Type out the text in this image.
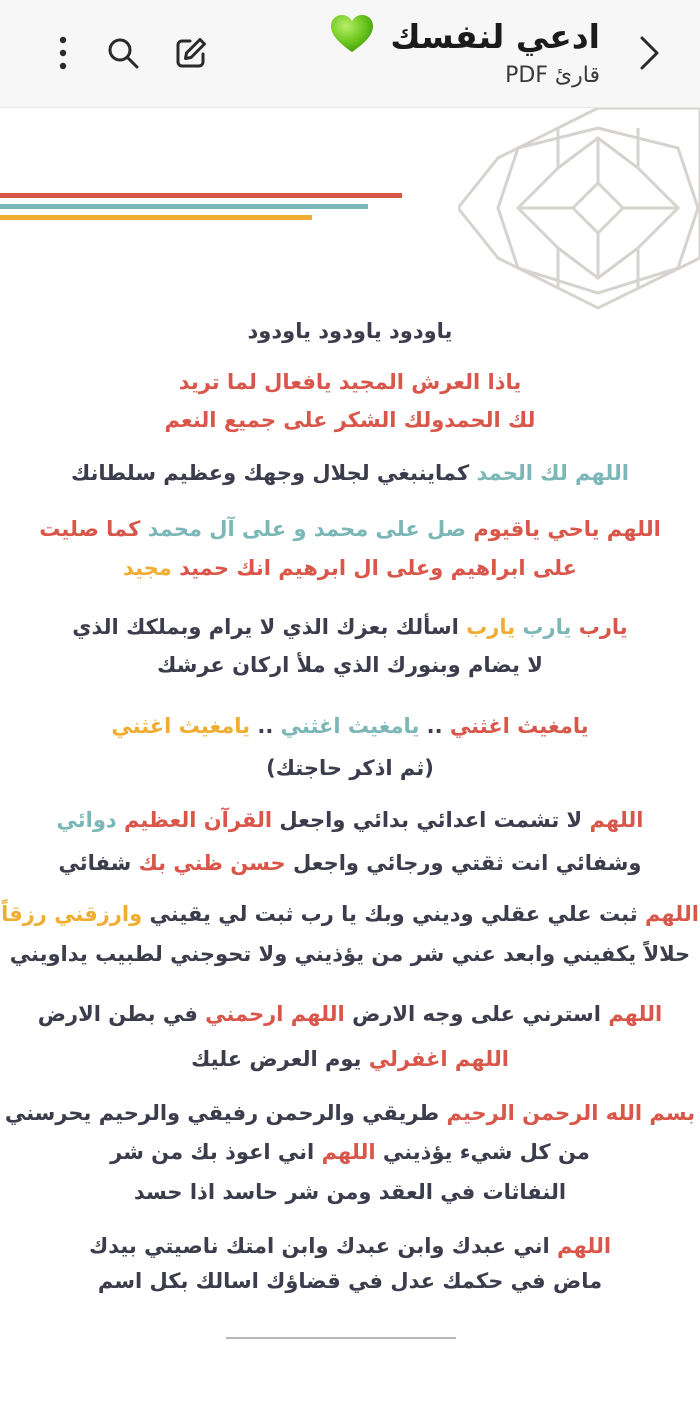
ادعي لنفسك
قارئ PDF
ياودود ياودود ياودود
ياذا العرش المجيد يافعال لما تريد
لك الحمدولك الشكر على جميع النعم
اللهم لك الحمد كماينبغي لجلال وجهك وعظيم سلطانك
اللهم ياحي ياقيوم صل على محمد و على آل محمد كما صليت
على ابراهيم وعلى ال ابرهيم انك حميد مجيد
يارب يارب يارب اسألك بعزك الذي لا يرام وبملكك الذي
لا يضام وبنورك الذي ملأ اركان عرشك
يامغيث اغثني .. يامغيث اغثني .. يامغيث اغثني
(ثم اذكر حاجتك)
اللهم لا تشمت اعدائي بدائي واجعل القرآن العظيم دوائي
وشفائي انت ثقتي ورجائي واجعل حسن ظني بك شفائي
اللهم ثبت علي عقلي وديني وبك يا رب ثبت لي يقيني وارزقني رزقاً
حلالاً يكفيني وابعد عني شر من يؤذيني ولا تحوجني لطبيب يداويني
اللهم استرني على وجه الارض اللهم ارحمني في بطن الارض
اللهم اغفرلي يوم العرض عليك
بسم الله الرحمن الرحيم طريقي والرحمن رفيقي والرحيم يحرسني
من كل شيء يؤذيني اللهم اني اعوذ بك من شر
النفاثات في العقد ومن شر حاسد اذا حسد
اللهم اني عبدك وابن عبدك وابن امتك ناصيتي بيدك
ماض في حكمك عدل في قضاؤك اسالك بكل اسم
